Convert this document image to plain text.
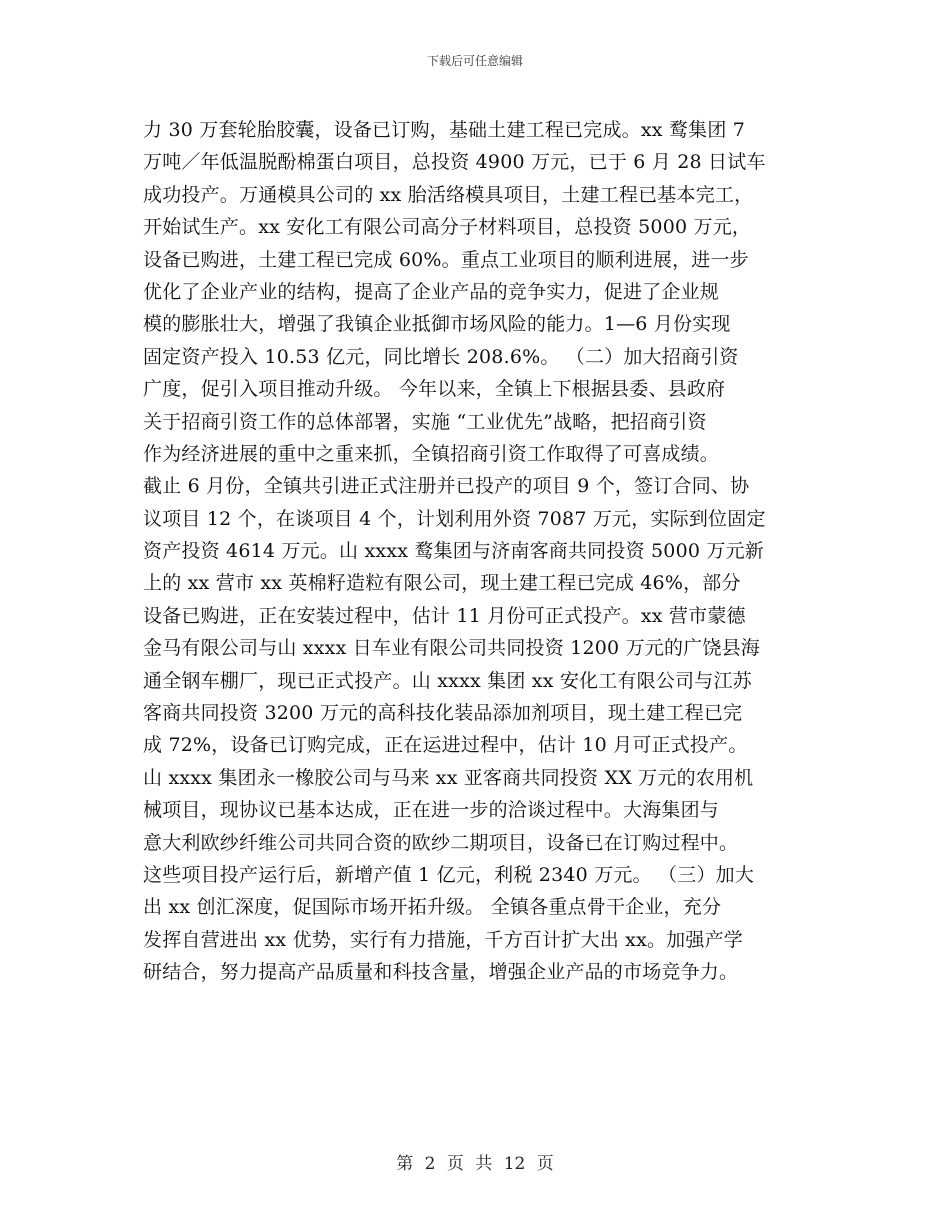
下载后可任意编辑
力 30 万套轮胎胶囊，设备已订购，基础土建工程已完成。xx 鹜集团 7
万吨／年低温脱酚棉蛋白项目，总投资 4900 万元，已于 6 月 28 日试车
成功投产。万通模具公司的 xx 胎活络模具项目，土建工程已基本完工，
开始试生产。xx 安化工有限公司高分子材料项目，总投资 5000 万元，
设备已购进，土建工程已完成 60%。重点工业项目的顺利进展，进一步
优化了企业产业的结构，提高了企业产品的竞争实力，促进了企业规
模的膨胀壮大，增强了我镇企业抵御市场风险的能力。1—6 月份实现
固定资产投入 10.53 亿元，同比增长 208.6%。 （二）加大招商引资
广度，促引入项目推动升级。 今年以来，全镇上下根据县委、县政府
关于招商引资工作的总体部署，实施 “工业优先”战略，把招商引资
作为经济进展的重中之重来抓，全镇招商引资工作取得了可喜成绩。
截止 6 月份，全镇共引进正式注册并已投产的项目 9 个，签订合同、协
议项目 12 个，在谈项目 4 个，计划利用外资 7087 万元，实际到位固定
资产投资 4614 万元。山 xxxx 鹜集团与济南客商共同投资 5000 万元新
上的 xx 营市 xx 英棉籽造粒有限公司，现土建工程已完成 46%，部分
设备已购进，正在安装过程中，估计 11 月份可正式投产。xx 营市蒙德
金马有限公司与山 xxxx 日车业有限公司共同投资 1200 万元的广饶县海
通全钢车棚厂，现已正式投产。山 xxxx 集团 xx 安化工有限公司与江苏
客商共同投资 3200 万元的高科技化装品添加剂项目，现土建工程已完
成 72%，设备已订购完成，正在运进过程中，估计 10 月可正式投产。
山 xxxx 集团永一橡胶公司与马来 xx 亚客商共同投资 XX 万元的农用机
械项目，现协议已基本达成，正在进一步的洽谈过程中。大海集团与
意大利欧纱纤维公司共同合资的欧纱二期项目，设备已在订购过程中。
这些项目投产运行后，新增产值 1 亿元，利税 2340 万元。 （三）加大
出 xx 创汇深度，促国际市场开拓升级。 全镇各重点骨干企业，充分
发挥自营进出 xx 优势，实行有力措施，千方百计扩大出 xx。加强产学
研结合，努力提高产品质量和科技含量，增强企业产品的市场竞争力。
第 2 页 共 12 页
